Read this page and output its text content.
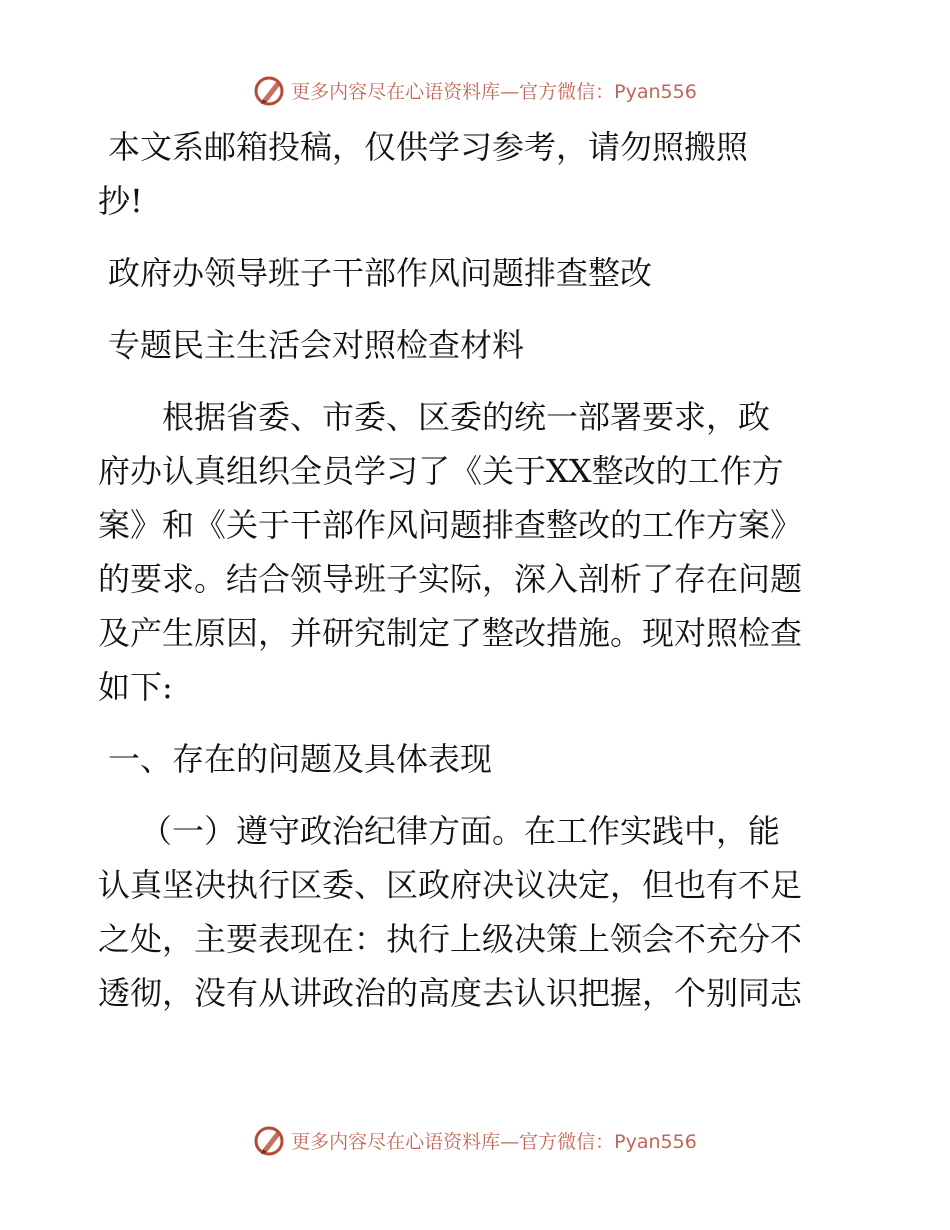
更多内容尽在心语资料库—官方微信：Pyan556
本文系邮箱投稿，仅供学习参考，请勿照搬照
抄!
政府办领导班子干部作风问题排查整改
专题民主生活会对照检查材料
　　根据省委、市委、区委的统一部署要求，政
府办认真组织全员学习了《关于XX整改的工作方
案》和《关于干部作风问题排查整改的工作方案》
的要求。结合领导班子实际，深入剖析了存在问题
及产生原因，并研究制定了整改措施。现对照检查
如下:
一、存在的问题及具体表现
（一）遵守政治纪律方面。在工作实践中，能
认真坚决执行区委、区政府决议决定，但也有不足
之处，主要表现在：执行上级决策上领会不充分不
透彻，没有从讲政治的高度去认识把握，个别同志
更多内容尽在心语资料库—官方微信：Pyan556
